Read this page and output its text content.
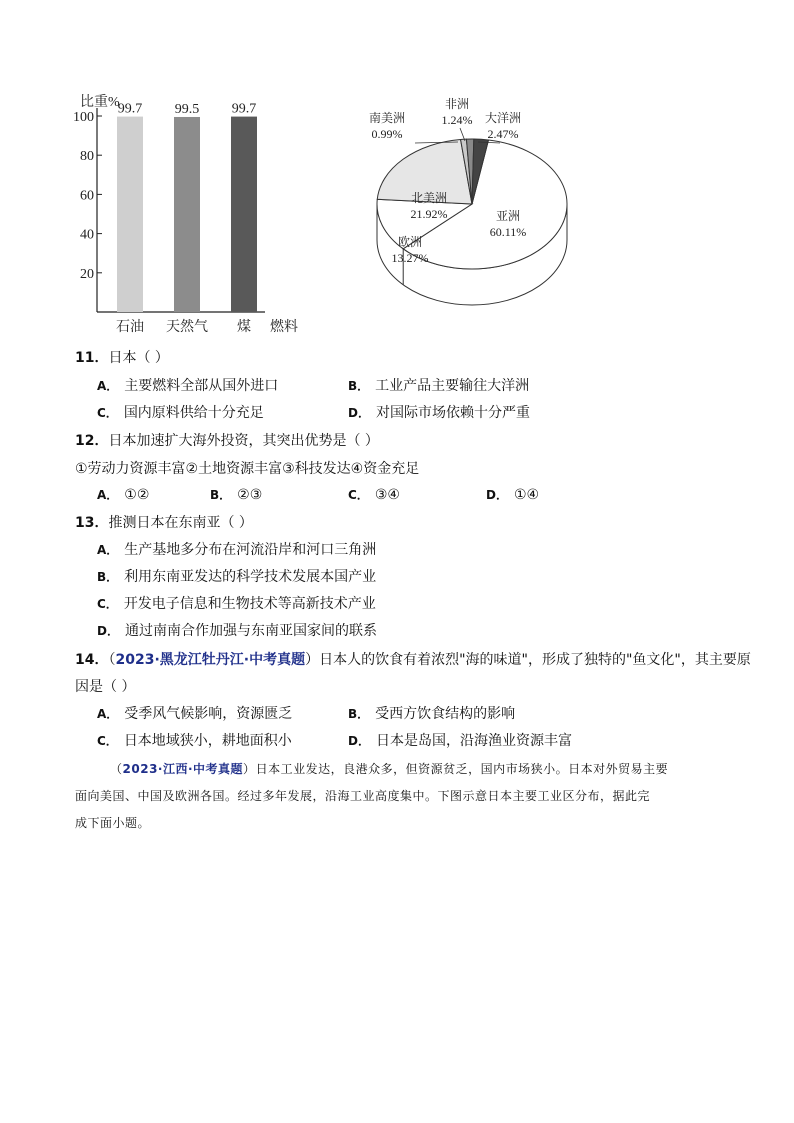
100
80
60
40
20
比重%
燃料
99.7
石油
99.5
天然气
99.7
煤
亚洲
60.11%
欧洲
13.27%
北美洲
21.92%
南美洲
0.99%
非洲
1.24% 大洋洲
2.47%
11．日本（ ）
A． 主要燃料全部从国外进口	B． 工业产品主要输往大洋洲
C． 国内原料供给十分充足	D． 对国际市场依赖十分严重
12．日本加速扩大海外投资，其突出优势是（ ）
①劳动力资源丰富②土地资源丰富③科技发达④资金充足
A． ①②	B． ②③	C． ③④	D． ①④
13．推测日本在东南亚（ ）
A． 生产基地多分布在河流沿岸和河口三角洲
B． 利用东南亚发达的科学技术发展本国产业
C． 开发电子信息和生物技术等高新技术产业
D． 通过南南合作加强与东南亚国家间的联系
14．（2023·黑龙江牡丹江·中考真题）日本人的饮食有着浓烈"海的味道"，形成了独特的"鱼文化"，其主要原
因是（ ）
A． 受季风气候影响，资源匮乏	B． 受西方饮食结构的影响
C． 日本地域狭小，耕地面积小	D． 日本是岛国，沿海渔业资源丰富
（2023·江西·中考真题）日本工业发达，良港众多，但资源贫乏，国内市场狭小。日本对外贸易主要
面向美国、中国及欧洲各国。经过多年发展，沿海工业高度集中。下图示意日本主要工业区分布，据此完
成下面小题。
